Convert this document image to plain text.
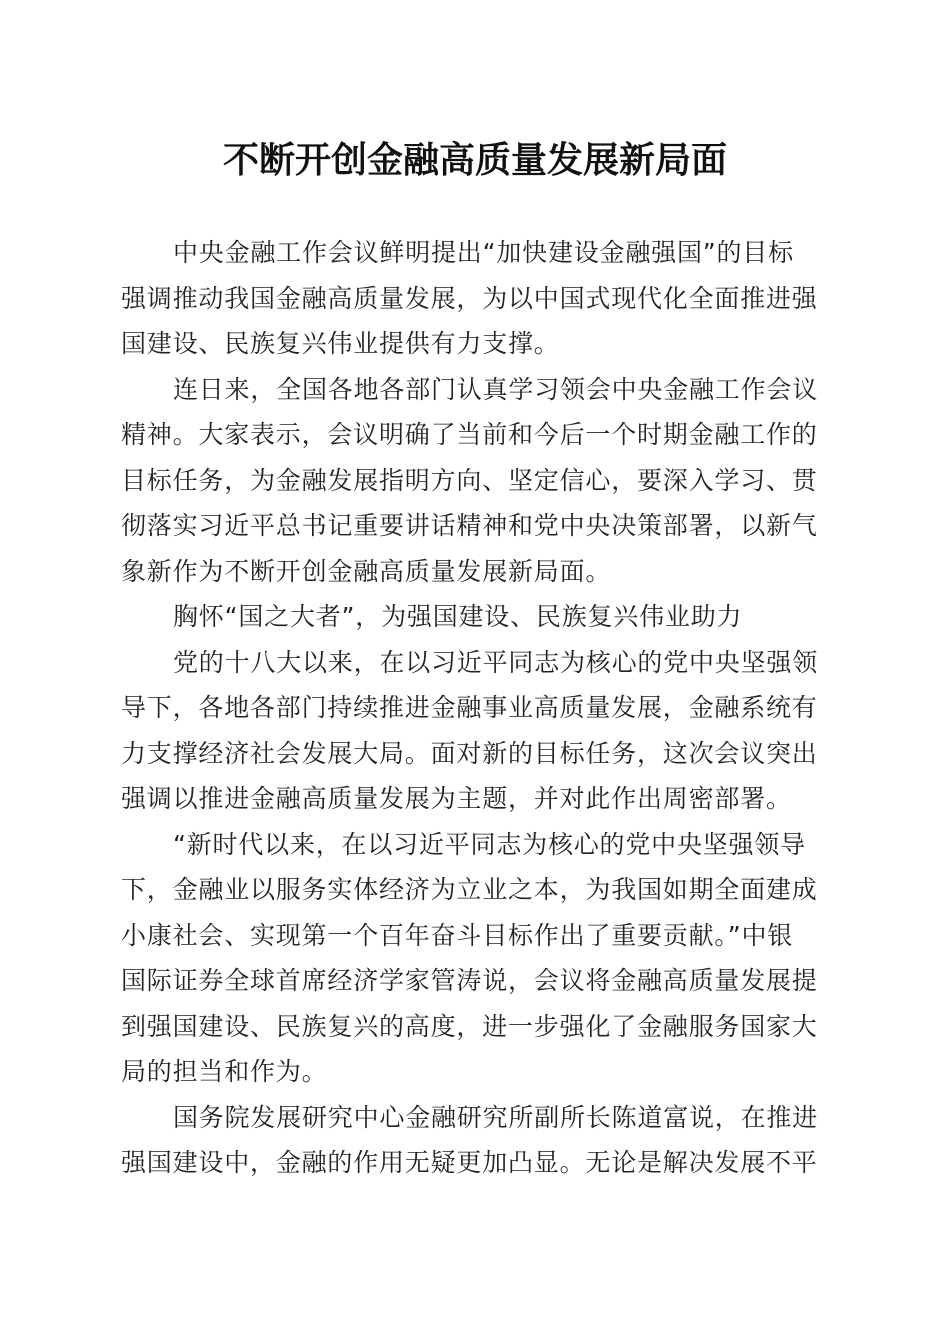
不断开创金融高质量发展新局面
中央金融工作会议鲜明提出“加快建设金融强国”的目标
强调推动我国金融高质量发展，为以中国式现代化全面推进强
国建设、民族复兴伟业提供有力支撑。
连日来，全国各地各部门认真学习领会中央金融工作会议
精神。大家表示，会议明确了当前和今后一个时期金融工作的
目标任务，为金融发展指明方向、坚定信心，要深入学习、贯
彻落实习近平总书记重要讲话精神和党中央决策部署，以新气
象新作为不断开创金融高质量发展新局面。
胸怀“国之大者”，为强国建设、民族复兴伟业助力
党的十八大以来，在以习近平同志为核心的党中央坚强领
导下，各地各部门持续推进金融事业高质量发展，金融系统有
力支撑经济社会发展大局。面对新的目标任务，这次会议突出
强调以推进金融高质量发展为主题，并对此作出周密部署。
“新时代以来，在以习近平同志为核心的党中央坚强领导
下，金融业以服务实体经济为立业之本，为我国如期全面建成
小康社会、实现第一个百年奋斗目标作出了重要贡献。”中银
国际证券全球首席经济学家管涛说，会议将金融高质量发展提
到强国建设、民族复兴的高度，进一步强化了金融服务国家大
局的担当和作为。
国务院发展研究中心金融研究所副所长陈道富说，在推进
强国建设中，金融的作用无疑更加凸显。无论是解决发展不平
